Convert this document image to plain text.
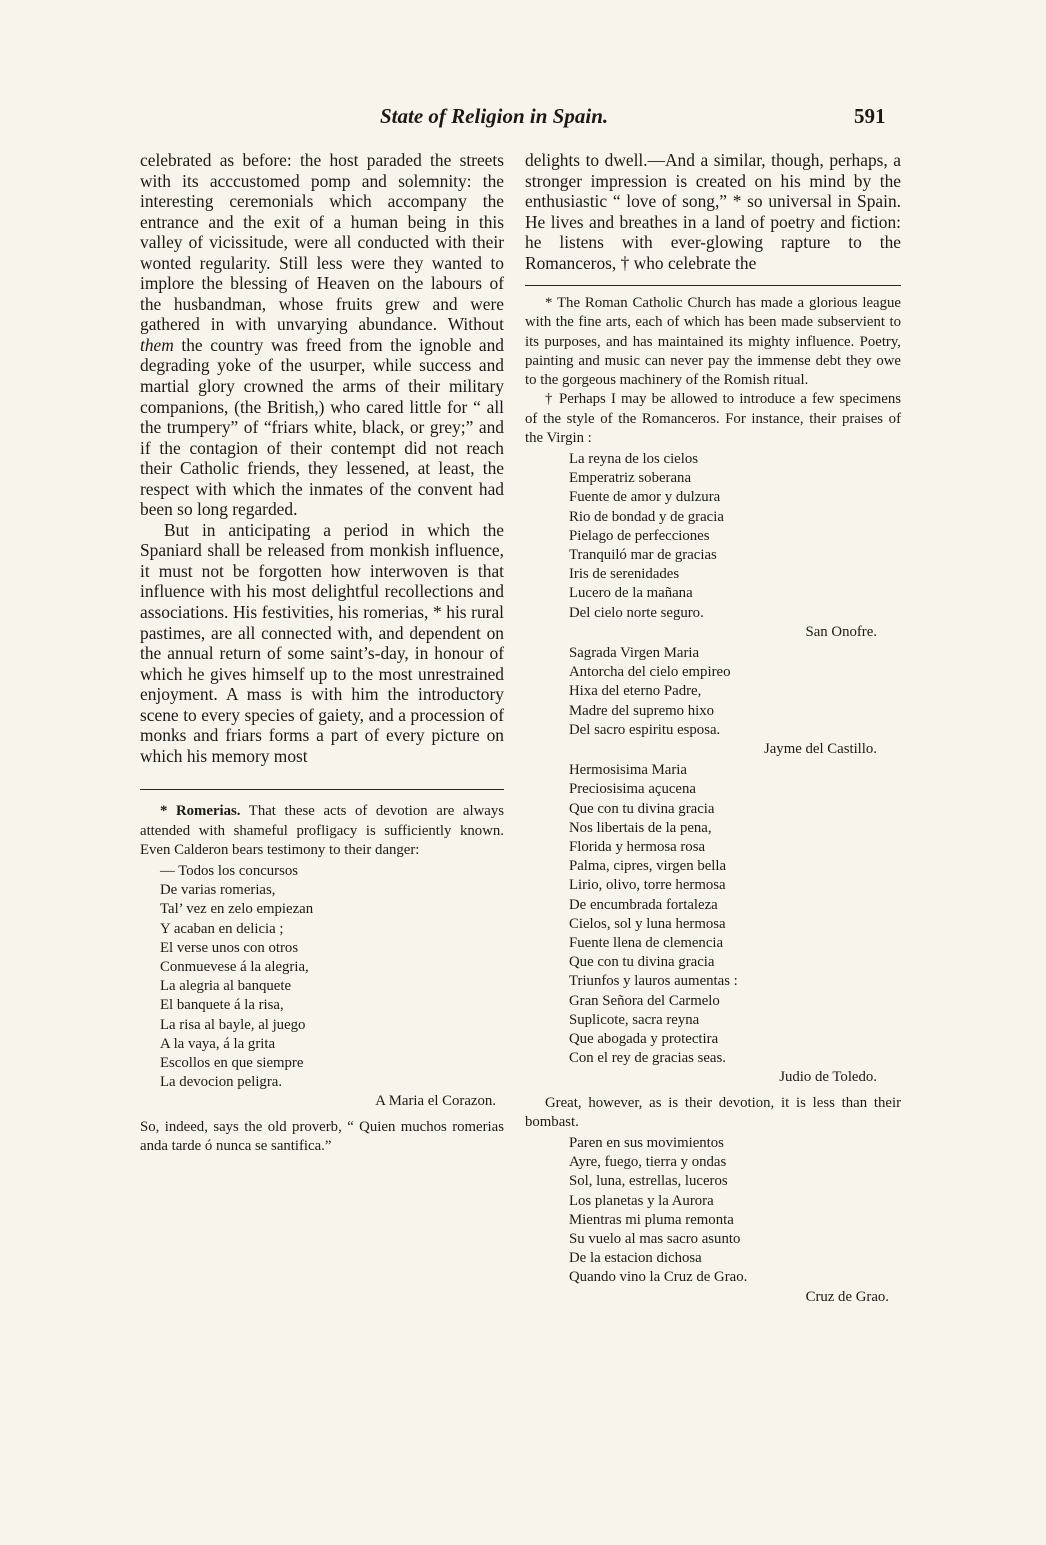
State of Religion in Spain.	591

celebrated as before: the host paraded the streets with its acccustomed pomp and solemnity: the interesting ceremonials which accompany the entrance and the exit of a human being in this valley of vicissitude, were all conducted with their wonted regularity. Still less were they wanted to implore the blessing of Heaven on the labours of the husbandman, whose fruits grew and were gathered in with unvarying abundance. Without them the country was freed from the ignoble and degrading yoke of the usurper, while success and martial glory crowned the arms of their military companions, (the British,) who cared little for “ all the trumpery” of “friars white, black, or grey;” and if the contagion of their contempt did not reach their Catholic friends, they lessened, at least, the respect with which the inmates of the convent had been so long regarded.

But in anticipating a period in which the Spaniard shall be released from monkish influence, it must not be forgotten how interwoven is that influence with his most delightful recollections and associations. His festivities, his romerias, * his rural pastimes, are all connected with, and dependent on the annual return of some saint’s-day, in honour of which he gives himself up to the most unrestrained enjoyment. A mass is with him the introductory scene to every species of gaiety, and a procession of monks and friars forms a part of every picture on which his memory most

* Romerias. That these acts of devotion are always attended with shameful profligacy is sufficiently known. Even Calderon bears testimony to their danger:

— Todos los concursos
De varias romerias,
Tal’ vez en zelo empiezan
Y acaban en delicia ;
El verse unos con otros
Conmuevese á la alegria,
La alegria al banquete
El banquete á la risa,
La risa al bayle, al juego
A la vaya, á la grita
Escollos en que siempre
La devocion peligra.

A Maria el Corazon.

So, indeed, says the old proverb, “ Quien muchos romerias anda tarde ó nunca se santifica.”

delights to dwell.—And a similar, though, perhaps, a stronger impression is created on his mind by the enthusiastic “ love of song,” * so universal in Spain. He lives and breathes in a land of poetry and fiction: he listens with ever-glowing rapture to the Romanceros, † who celebrate the

* The Roman Catholic Church has made a glorious league with the fine arts, each of which has been made subservient to its purposes, and has maintained its mighty influence. Poetry, painting and music can never pay the immense debt they owe to the gorgeous machinery of the Romish ritual.

† Perhaps I may be allowed to introduce a few specimens of the style of the Romanceros. For instance, their praises of the Virgin :

La reyna de los cielos
Emperatriz soberana
Fuente de amor y dulzura
Rio de bondad y de gracia
Pielago de perfecciones
Tranquiló mar de gracias
Iris de serenidades
Lucero de la mañana
Del cielo norte seguro.

San Onofre.

Sagrada Virgen Maria
Antorcha del cielo empireo
Hixa del eterno Padre,
Madre del supremo hixo
Del sacro espiritu esposa.

Jayme del Castillo.

Hermosisima Maria
Preciosisima açucena
Que con tu divina gracia
Nos libertais de la pena,
Florida y hermosa rosa
Palma, cipres, virgen bella
Lirio, olivo, torre hermosa
De encumbrada fortaleza
Cielos, sol y luna hermosa
Fuente llena de clemencia
Que con tu divina gracia
Triunfos y lauros aumentas :
Gran Señora del Carmelo
Suplicote, sacra reyna
Que abogada y protectira
Con el rey de gracias seas.

Judio de Toledo.

Great, however, as is their devotion, it is less than their bombast.

Paren en sus movimientos
Ayre, fuego, tierra y ondas
Sol, luna, estrellas, luceros
Los planetas y la Aurora
Mientras mi pluma remonta
Su vuelo al mas sacro asunto
De la estacion dichosa
Quando vino la Cruz de Grao.

Cruz de Grao.
